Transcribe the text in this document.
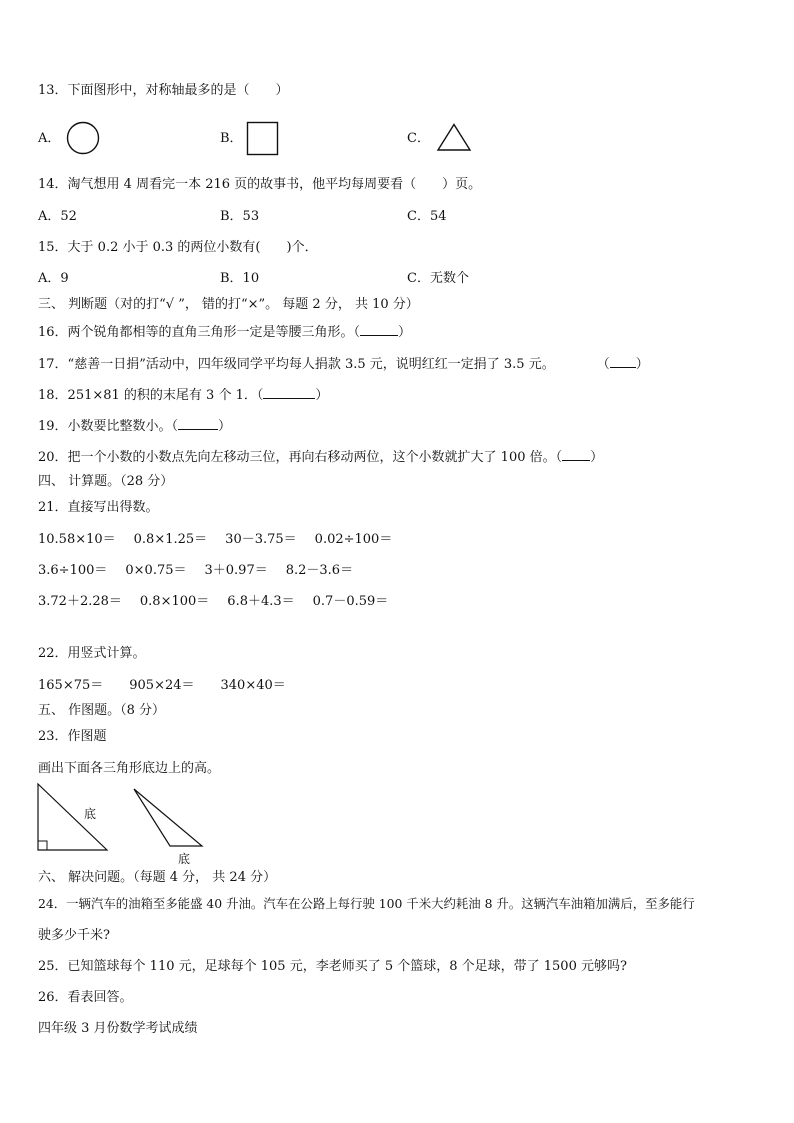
13．下面图形中，对称轴最多的是（　　）
A．	B．	C．
14．淘气想用 4 周看完一本 216 页的故事书，他平均每周要看（　　）页。
A．52	B．53	C．54
15．大于 0.2 小于 0.3 的两位小数有(　　)个．
A．9	B．10	C．无数个
三、 判断题（对的打“√ ”， 错的打“×”。 每题 2 分， 共 10 分）
16．两个锐角都相等的直角三角形一定是等腰三角形。（	）
17．“慈善一日捐”活动中，四年级同学平均每人捐款 3.5 元，说明红红一定捐了 3.5 元。	（ ）
18．251×81 的积的末尾有 3 个 1．（	）
19．小数要比整数小。（	）
20．把一个小数的小数点先向左移动三位，再向右移动两位，这个小数就扩大了 100 倍。（ ）
四、 计算题。（28 分）
21．直接写出得数。
10.58×10＝ 0.8×1.25＝ 30－3.75＝ 0.02÷100＝
3.6÷100＝ 0×0.75＝ 3＋0.97＝ 8.2－3.6＝
3.72＋2.28＝ 0.8×100＝ 6.8＋4.3＝ 0.7－0.59＝
22．用竖式计算。
165×75＝ 905×24＝ 340×40＝
五、 作图题。（8 分）
23．作图题
画出下面各三角形底边上的高。
底
底
六、 解决问题。（每题 4 分， 共 24 分）
24．一辆汽车的油箱至多能盛 40 升油。汽车在公路上每行驶 100 千米大约耗油 8 升。这辆汽车油箱加满后，至多能行
驶多少千米?
25．已知篮球每个 110 元，足球每个 105 元，李老师买了 5 个篮球，8 个足球，带了 1500 元够吗?
26．看表回答。
四年级 3 月份数学考试成绩
